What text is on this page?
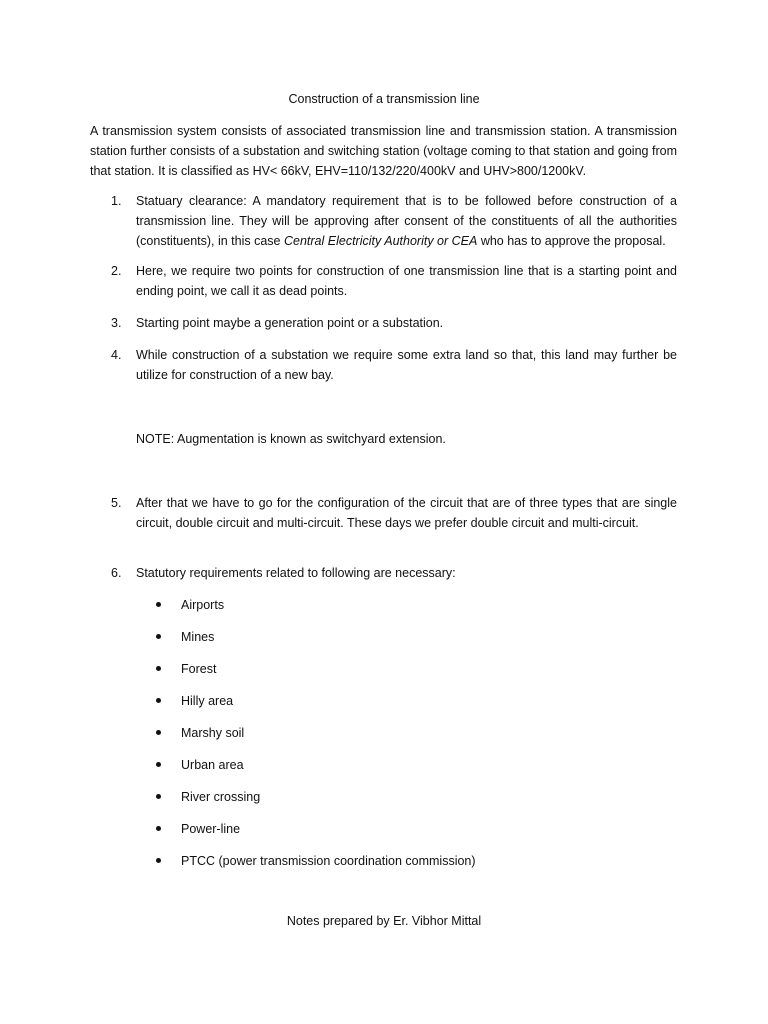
Construction of a transmission line
A transmission system consists of associated transmission line and transmission station. A transmission station further consists of a substation and switching station (voltage coming to that station and going from that station. It is classified as HV< 66kV, EHV=110/132/220/400kV and UHV>800/1200kV.
1.	Statuary clearance: A mandatory requirement that is to be followed before construction of a transmission line. They will be approving after consent of the constituents of all the authorities (constituents), in this case Central Electricity Authority or CEA who has to approve the proposal.
2.	Here, we require two points for construction of one transmission line that is a starting point and ending point, we call it as dead points.
3.	Starting point maybe a generation point or a substation.
4.	While construction of a substation we require some extra land so that, this land may further be utilize for construction of a new bay.
NOTE: Augmentation is known as switchyard extension.
5.	After that we have to go for the configuration of the circuit that are of three types that are single circuit, double circuit and multi-circuit. These days we prefer double circuit and multi-circuit.
6.	Statutory requirements related to following are necessary:
Airports
Mines
Forest
Hilly area
Marshy soil
Urban area
River crossing
Power-line
PTCC (power transmission coordination commission)
Notes prepared by Er. Vibhor Mittal
